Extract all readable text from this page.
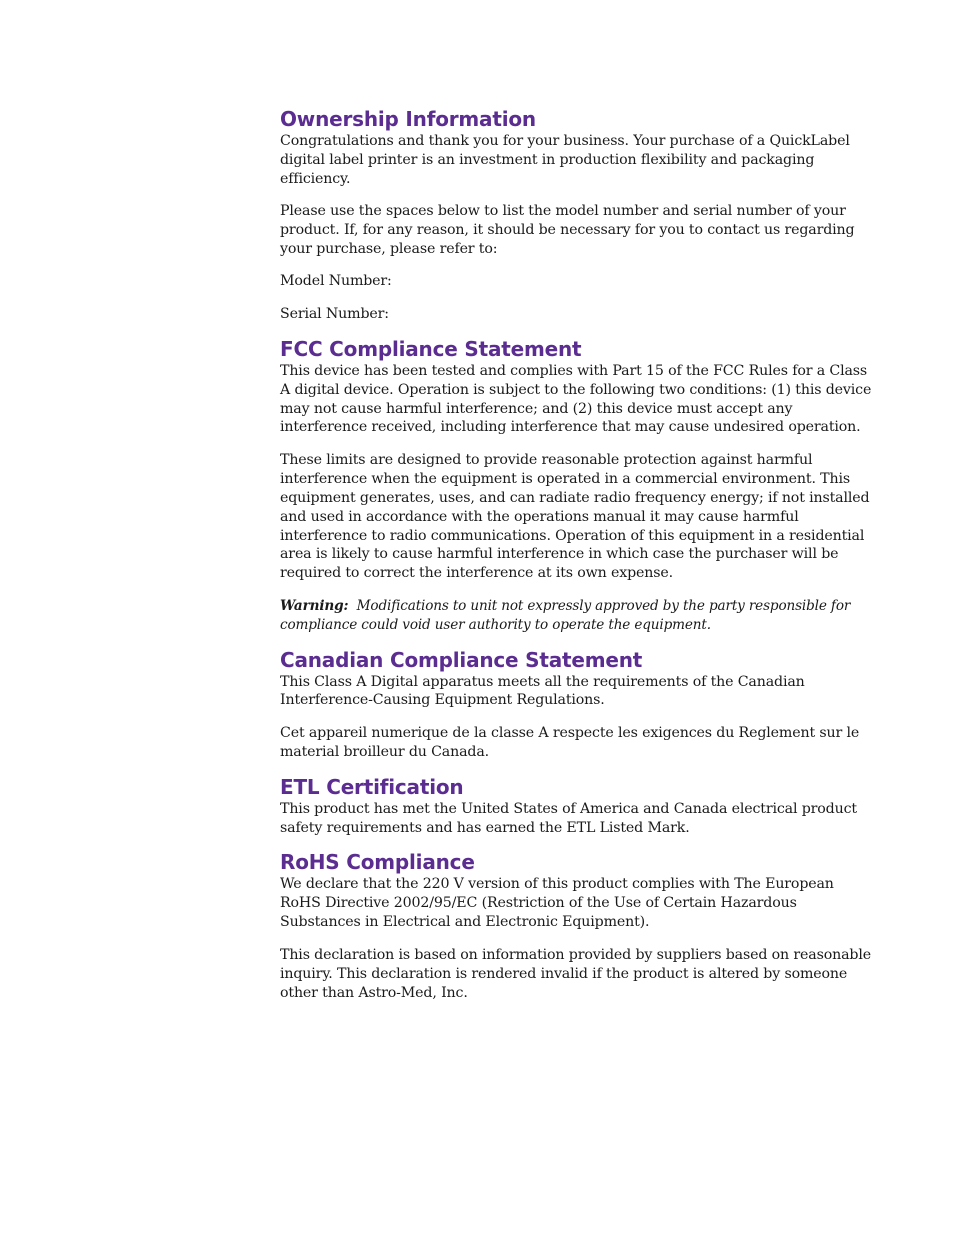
Ownership Information

Congratulations and thank you for your business. Your purchase of a QuickLabel digital label printer is an investment in production flexibility and packaging efficiency.

Please use the spaces below to list the model number and serial number of your product. If, for any reason, it should be necessary for you to contact us regarding your purchase, please refer to:

Model Number:

Serial Number:

FCC Compliance Statement

This device has been tested and complies with Part 15 of the FCC Rules for a Class A digital device. Operation is subject to the following two conditions: (1) this device may not cause harmful interference; and (2) this device must accept any interference received, including interference that may cause undesired operation.

These limits are designed to provide reasonable protection against harmful interference when the equipment is operated in a commercial environment. This equipment generates, uses, and can radiate radio frequency energy; if not installed and used in accordance with the operations manual it may cause harmful interference to radio communications. Operation of this equipment in a residential area is likely to cause harmful interference in which case the purchaser will be required to correct the interference at its own expense.

Warning: Modifications to unit not expressly approved by the party responsible for compliance could void user authority to operate the equipment.

Canadian Compliance Statement

This Class A Digital apparatus meets all the requirements of the Canadian Interference-Causing Equipment Regulations.

Cet appareil numerique de la classe A respecte les exigences du Reglement sur le material broilleur du Canada.

ETL Certification

This product has met the United States of America and Canada electrical product safety requirements and has earned the ETL Listed Mark.

RoHS Compliance

We declare that the 220 V version of this product complies with The European RoHS Directive 2002/95/EC (Restriction of the Use of Certain Hazardous Substances in Electrical and Electronic Equipment).

This declaration is based on information provided by suppliers based on reasonable inquiry. This declaration is rendered invalid if the product is altered by someone other than Astro-Med, Inc.
